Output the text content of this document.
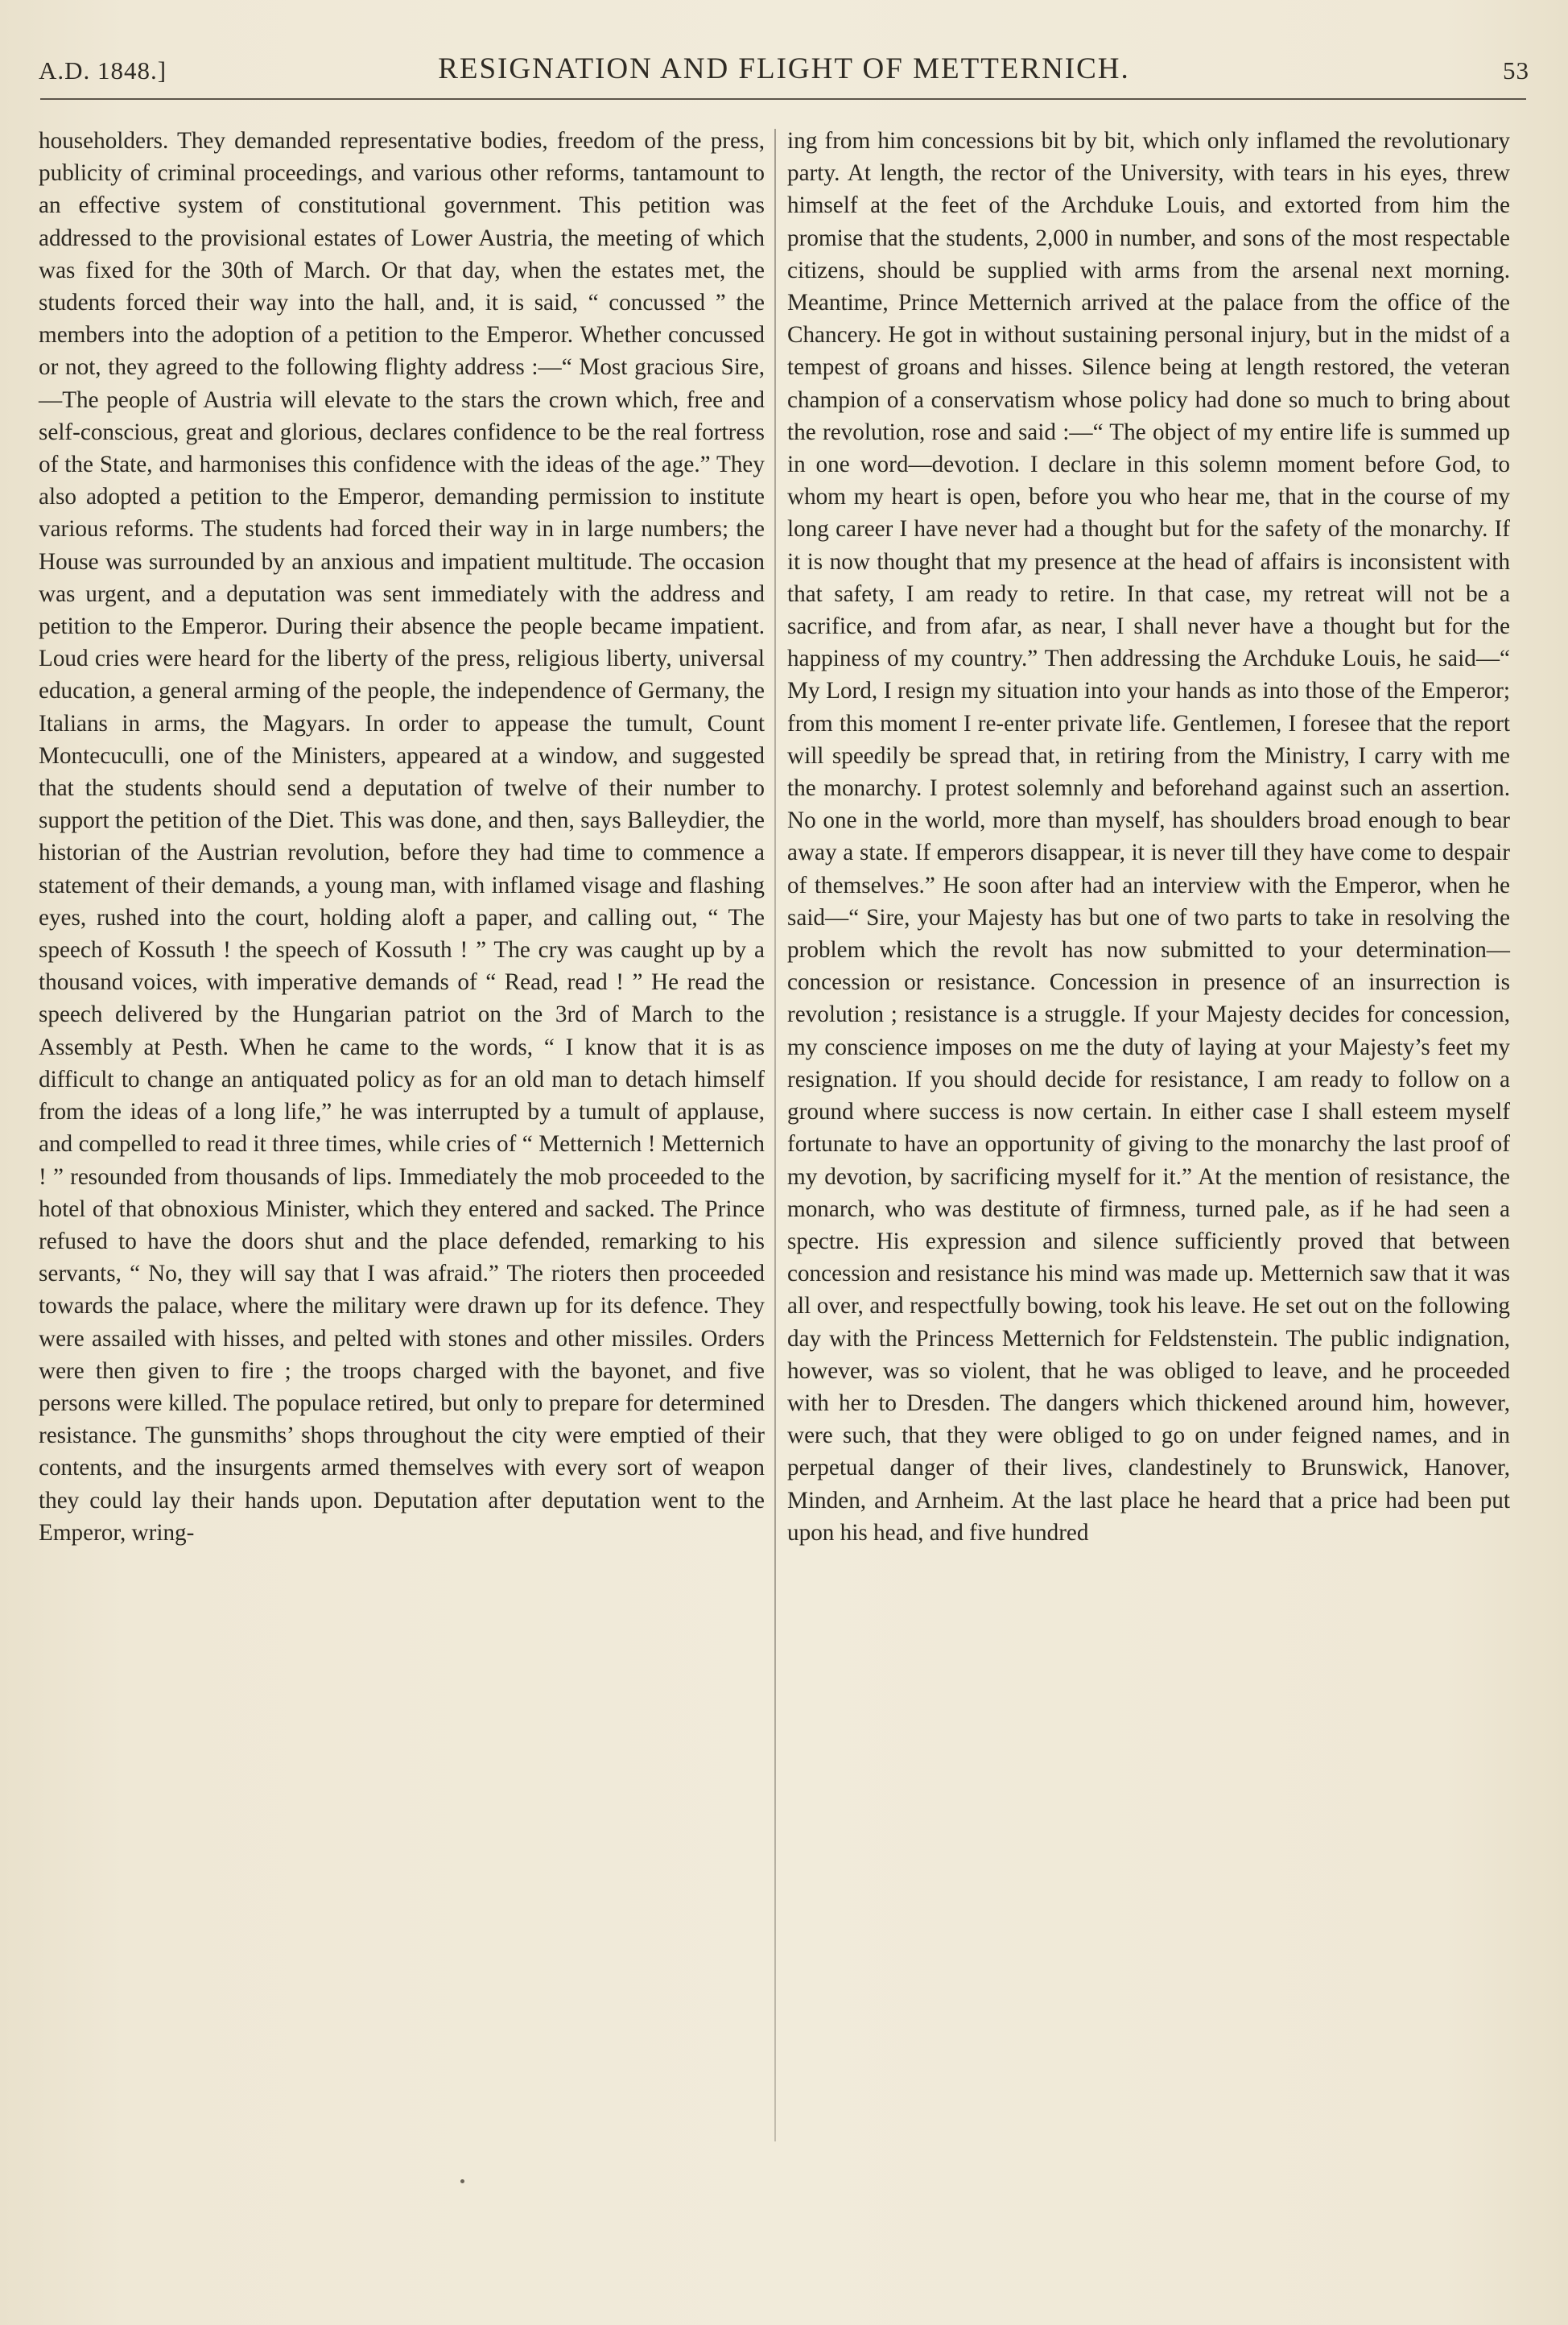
A.D. 1848.]	RESIGNATION AND FLIGHT OF METTERNICH.	53

householders. They demanded representative bodies, freedom of the press, publicity of criminal proceedings, and various other reforms, tantamount to an effective system of constitutional government. This petition was addressed to the provisional estates of Lower Austria, the meeting of which was fixed for the 30th of March. Or that day, when the estates met, the students forced their way into the hall, and, it is said, “ concussed ” the members into the adoption of a petition to the Emperor. Whether concussed or not, they agreed to the following flighty address :—“ Most gracious Sire,—The people of Austria will elevate to the stars the crown which, free and self-conscious, great and glorious, declares confidence to be the real fortress of the State, and harmonises this confidence with the ideas of the age.” They also adopted a petition to the Emperor, demanding permission to institute various reforms. The students had forced their way in in large numbers; the House was surrounded by an anxious and impatient multitude. The occasion was urgent, and a deputation was sent immediately with the address and petition to the Emperor. During their absence the people became impatient. Loud cries were heard for the liberty of the press, religious liberty, universal education, a general arming of the people, the independence of Germany, the Italians in arms, the Magyars. In order to appease the tumult, Count Montecuculli, one of the Ministers, appeared at a window, and suggested that the students should send a deputation of twelve of their number to support the petition of the Diet. This was done, and then, says Balleydier, the historian of the Austrian revolution, before they had time to commence a statement of their demands, a young man, with inflamed visage and flashing eyes, rushed into the court, holding aloft a paper, and calling out, “ The speech of Kossuth ! the speech of Kossuth ! ” The cry was caught up by a thousand voices, with imperative demands of “ Read, read ! ” He read the speech delivered by the Hungarian patriot on the 3rd of March to the Assembly at Pesth. When he came to the words, “ I know that it is as difficult to change an antiquated policy as for an old man to detach himself from the ideas of a long life,” he was interrupted by a tumult of applause, and compelled to read it three times, while cries of “ Metternich ! Metternich ! ” resounded from thousands of lips. Immediately the mob proceeded to the hotel of that obnoxious Minister, which they entered and sacked. The Prince refused to have the doors shut and the place defended, remarking to his servants, “ No, they will say that I was afraid.” The rioters then proceeded towards the palace, where the military were drawn up for its defence. They were assailed with hisses, and pelted with stones and other missiles. Orders were then given to fire ; the troops charged with the bayonet, and five persons were killed. The populace retired, but only to prepare for determined resistance. The gunsmiths’ shops throughout the city were emptied of their contents, and the insurgents armed themselves with every sort of weapon they could lay their hands upon. Deputation after deputation went to the Emperor, wring-

ing from him concessions bit by bit, which only inflamed the revolutionary party. At length, the rector of the University, with tears in his eyes, threw himself at the feet of the Archduke Louis, and extorted from him the promise that the students, 2,000 in number, and sons of the most respectable citizens, should be supplied with arms from the arsenal next morning. Meantime, Prince Metternich arrived at the palace from the office of the Chancery. He got in without sustaining personal injury, but in the midst of a tempest of groans and hisses. Silence being at length restored, the veteran champion of a conservatism whose policy had done so much to bring about the revolution, rose and said :—“ The object of my entire life is summed up in one word—devotion. I declare in this solemn moment before God, to whom my heart is open, before you who hear me, that in the course of my long career I have never had a thought but for the safety of the monarchy. If it is now thought that my presence at the head of affairs is inconsistent with that safety, I am ready to retire. In that case, my retreat will not be a sacrifice, and from afar, as near, I shall never have a thought but for the happiness of my country.” Then addressing the Archduke Louis, he said—“ My Lord, I resign my situation into your hands as into those of the Emperor; from this moment I re-enter private life. Gentlemen, I foresee that the report will speedily be spread that, in retiring from the Ministry, I carry with me the monarchy. I protest solemnly and beforehand against such an assertion. No one in the world, more than myself, has shoulders broad enough to bear away a state. If emperors disappear, it is never till they have come to despair of themselves.” He soon after had an interview with the Emperor, when he said—“ Sire, your Majesty has but one of two parts to take in resolving the problem which the revolt has now submitted to your determination—concession or resistance. Concession in presence of an insurrection is revolution ; resistance is a struggle. If your Majesty decides for concession, my conscience imposes on me the duty of laying at your Majesty’s feet my resignation. If you should decide for resistance, I am ready to follow on a ground where success is now certain. In either case I shall esteem myself fortunate to have an opportunity of giving to the monarchy the last proof of my devotion, by sacrificing myself for it.” At the mention of resistance, the monarch, who was destitute of firmness, turned pale, as if he had seen a spectre. His expression and silence sufficiently proved that between concession and resistance his mind was made up. Metternich saw that it was all over, and respectfully bowing, took his leave. He set out on the following day with the Princess Metternich for Feldstenstein. The public indignation, however, was so violent, that he was obliged to leave, and he proceeded with her to Dresden. The dangers which thickened around him, however, were such, that they were obliged to go on under feigned names, and in perpetual danger of their lives, clandestinely to Brunswick, Hanover, Minden, and Arnheim. At the last place he heard that a price had been put upon his head, and five hundred
